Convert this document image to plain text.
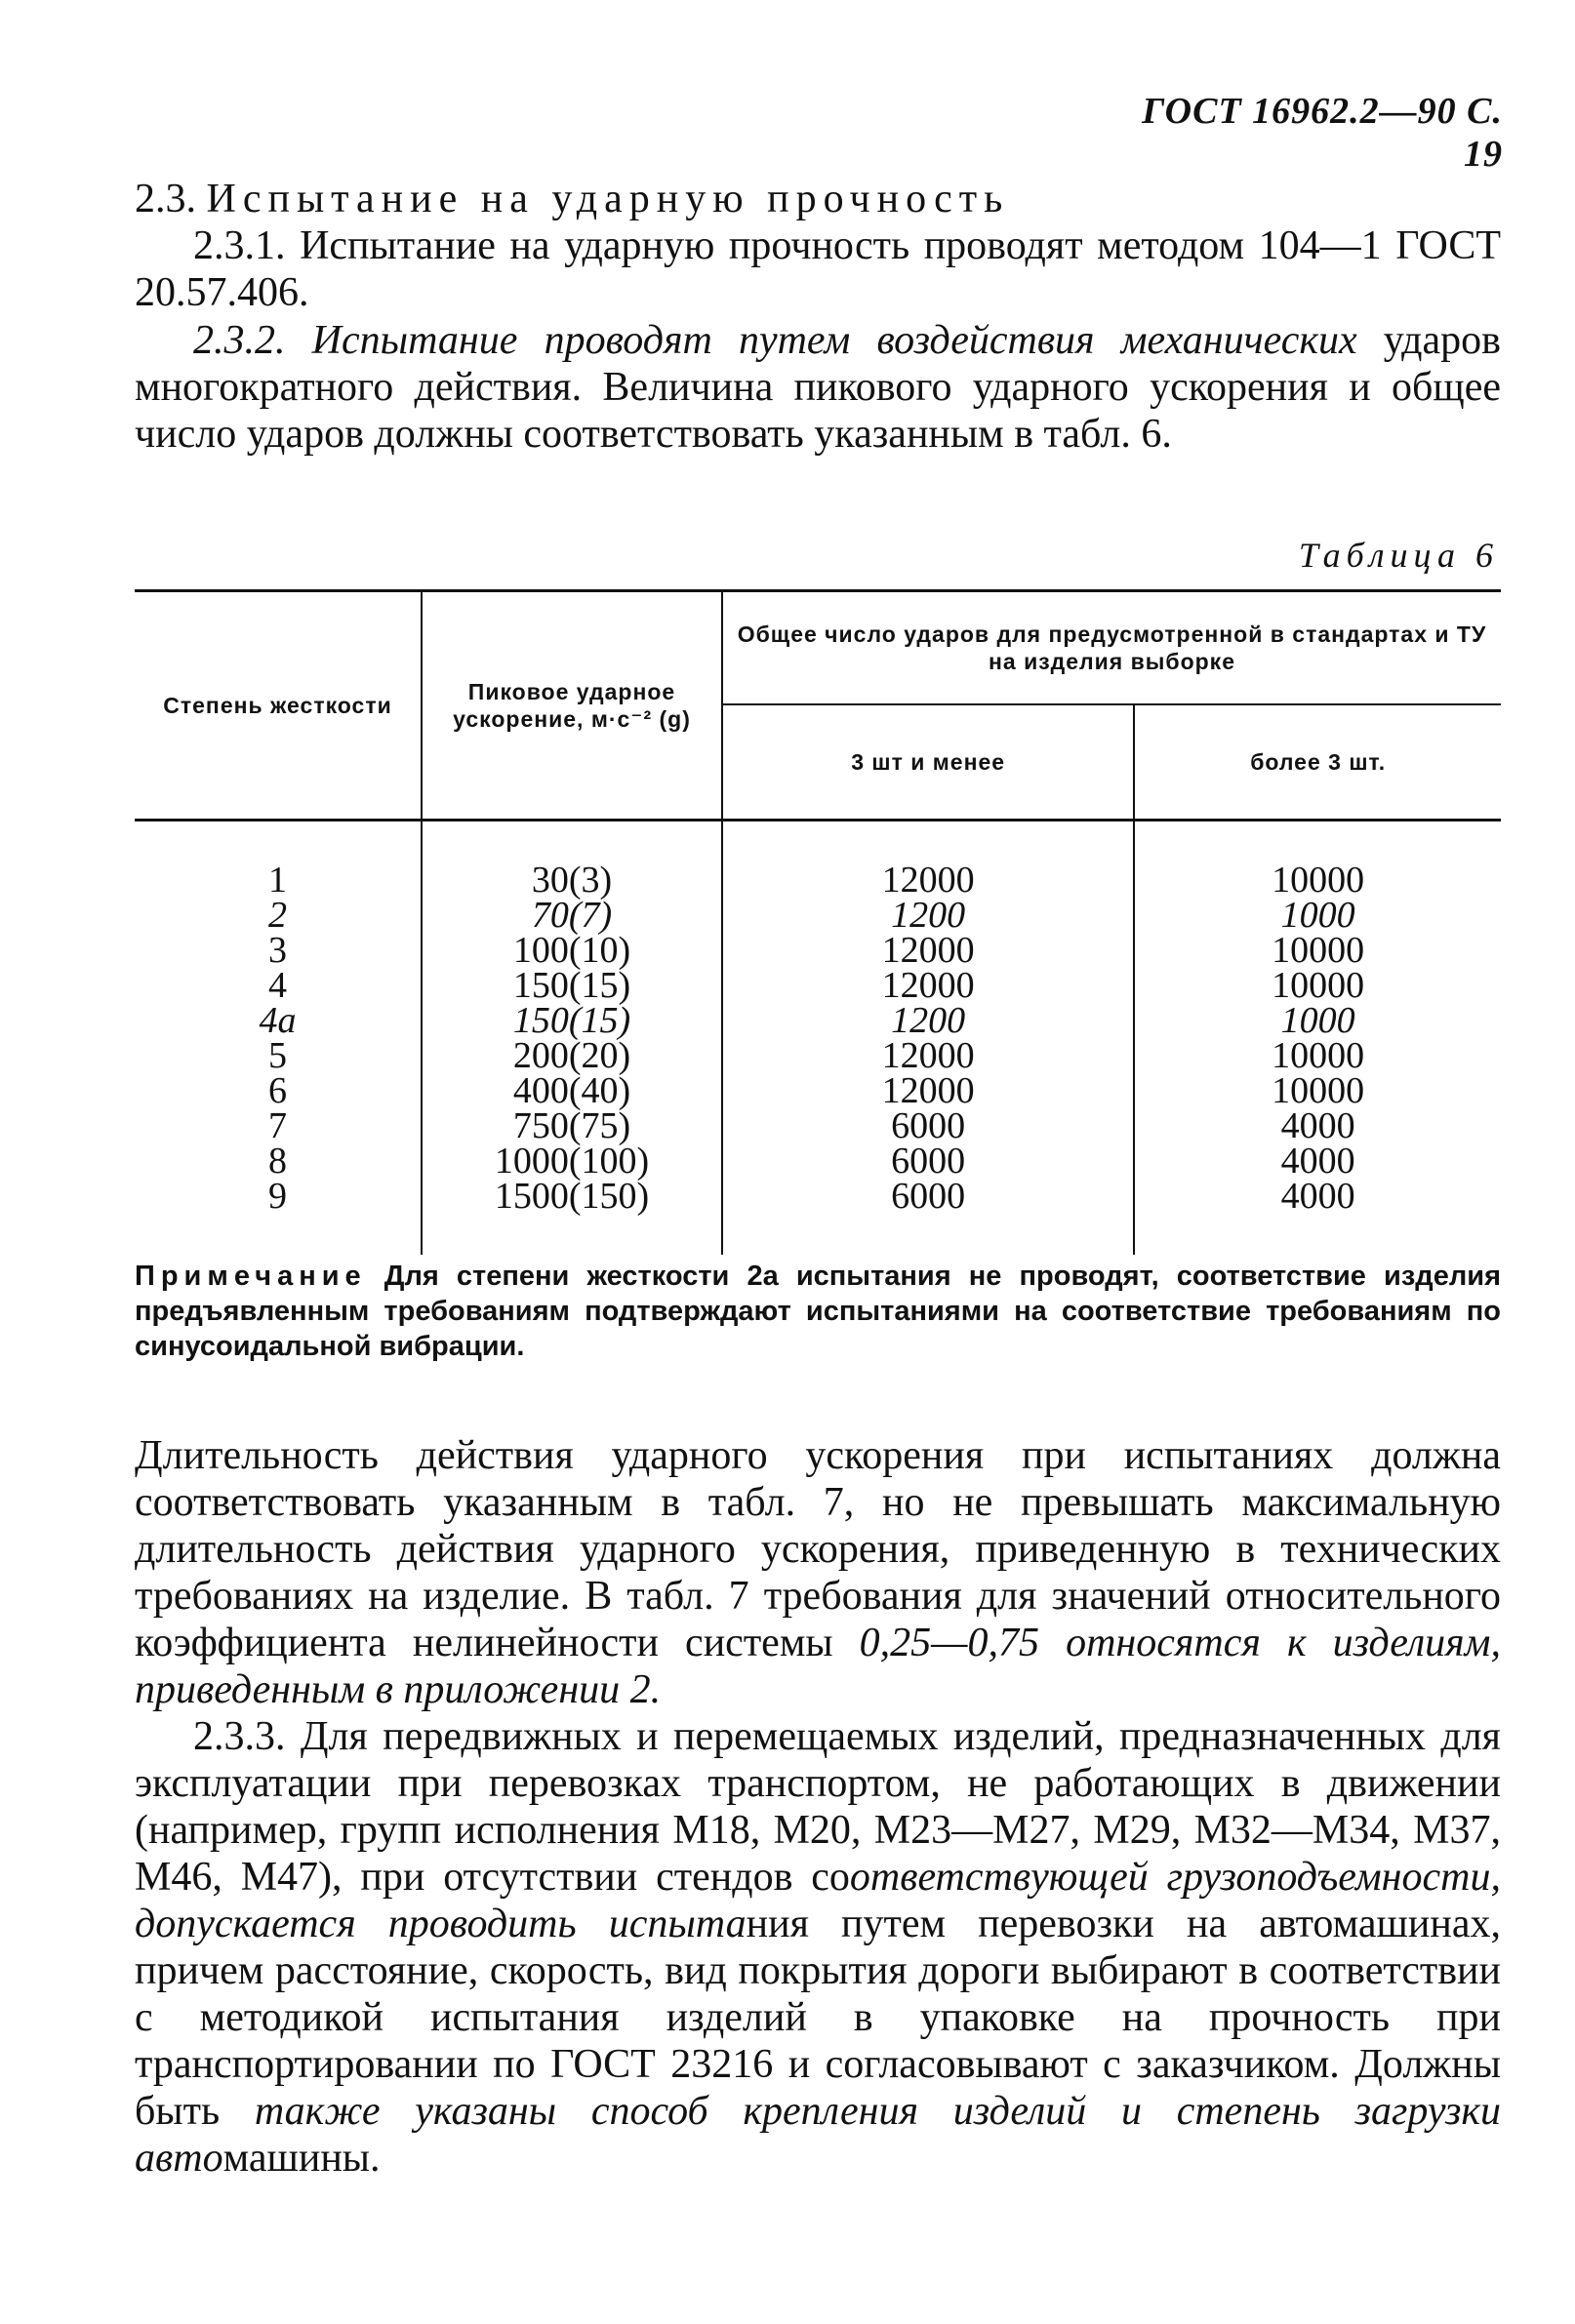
ГОСТ 16962.2—90 С. 19
2.3. Испытание на ударную прочность
2.3.1. Испытание на ударную прочность проводят методом 104—1 ГОСТ 20.57.406.
2.3.2. Испытание проводят путем воздействия механических ударов многократного действия. Величина пикового ударного ускорения и общее число ударов должны соответствовать указанным в табл. 6.
Таблица 6
Степень жесткости	Пиковое ударное ускорение, м·с⁻² (g)	Общее число ударов для предусмотренной в стандартах и ТУ на изделия выборке	
		3 шт и менее	более 3 шт.
1	30(3)	12000	10000
2	70(7)	1200	1000
3	100(10)	12000	10000
4	150(15)	12000	10000
4a	150(15)	1200	1000
5	200(20)	12000	10000
6	400(40)	12000	10000
7	750(75)	6000	4000
8	1000(100)	6000	4000
9	1500(150)	6000	4000
Примечание Для степени жесткости 2а испытания не проводят, соответствие изделия предъявленным требованиям подтверждают испытаниями на соответствие требованиям по синусоидальной вибрации.
Длительность действия ударного ускорения при испытаниях должна соответствовать указанным в табл. 7, но не превышать максимальную длительность действия ударного ускорения, приведенную в технических требованиях на изделие. В табл. 7 требования для значений относительного коэффициента нелинейности системы 0,25—0,75 относятся к изделиям, приведенным в приложении 2.
2.3.3. Для передвижных и перемещаемых изделий, предназначенных для эксплуатации при перевозках транспортом, не работающих в движении (например, групп исполнения М18, М20, М23—М27, М29, М32—М34, М37, М46, М47), при отсутствии стендов соответствующей грузоподъемности, допускается проводить испытания путем перевозки на автомашинах, причем расстояние, скорость, вид покрытия дороги выбирают в соответствии с методикой испытания изделий в упаковке на прочность при транспортировании по ГОСТ 23216 и согласовывают с заказчиком. Должны быть также указаны способ крепления изделий и степень загрузки автомашины.
